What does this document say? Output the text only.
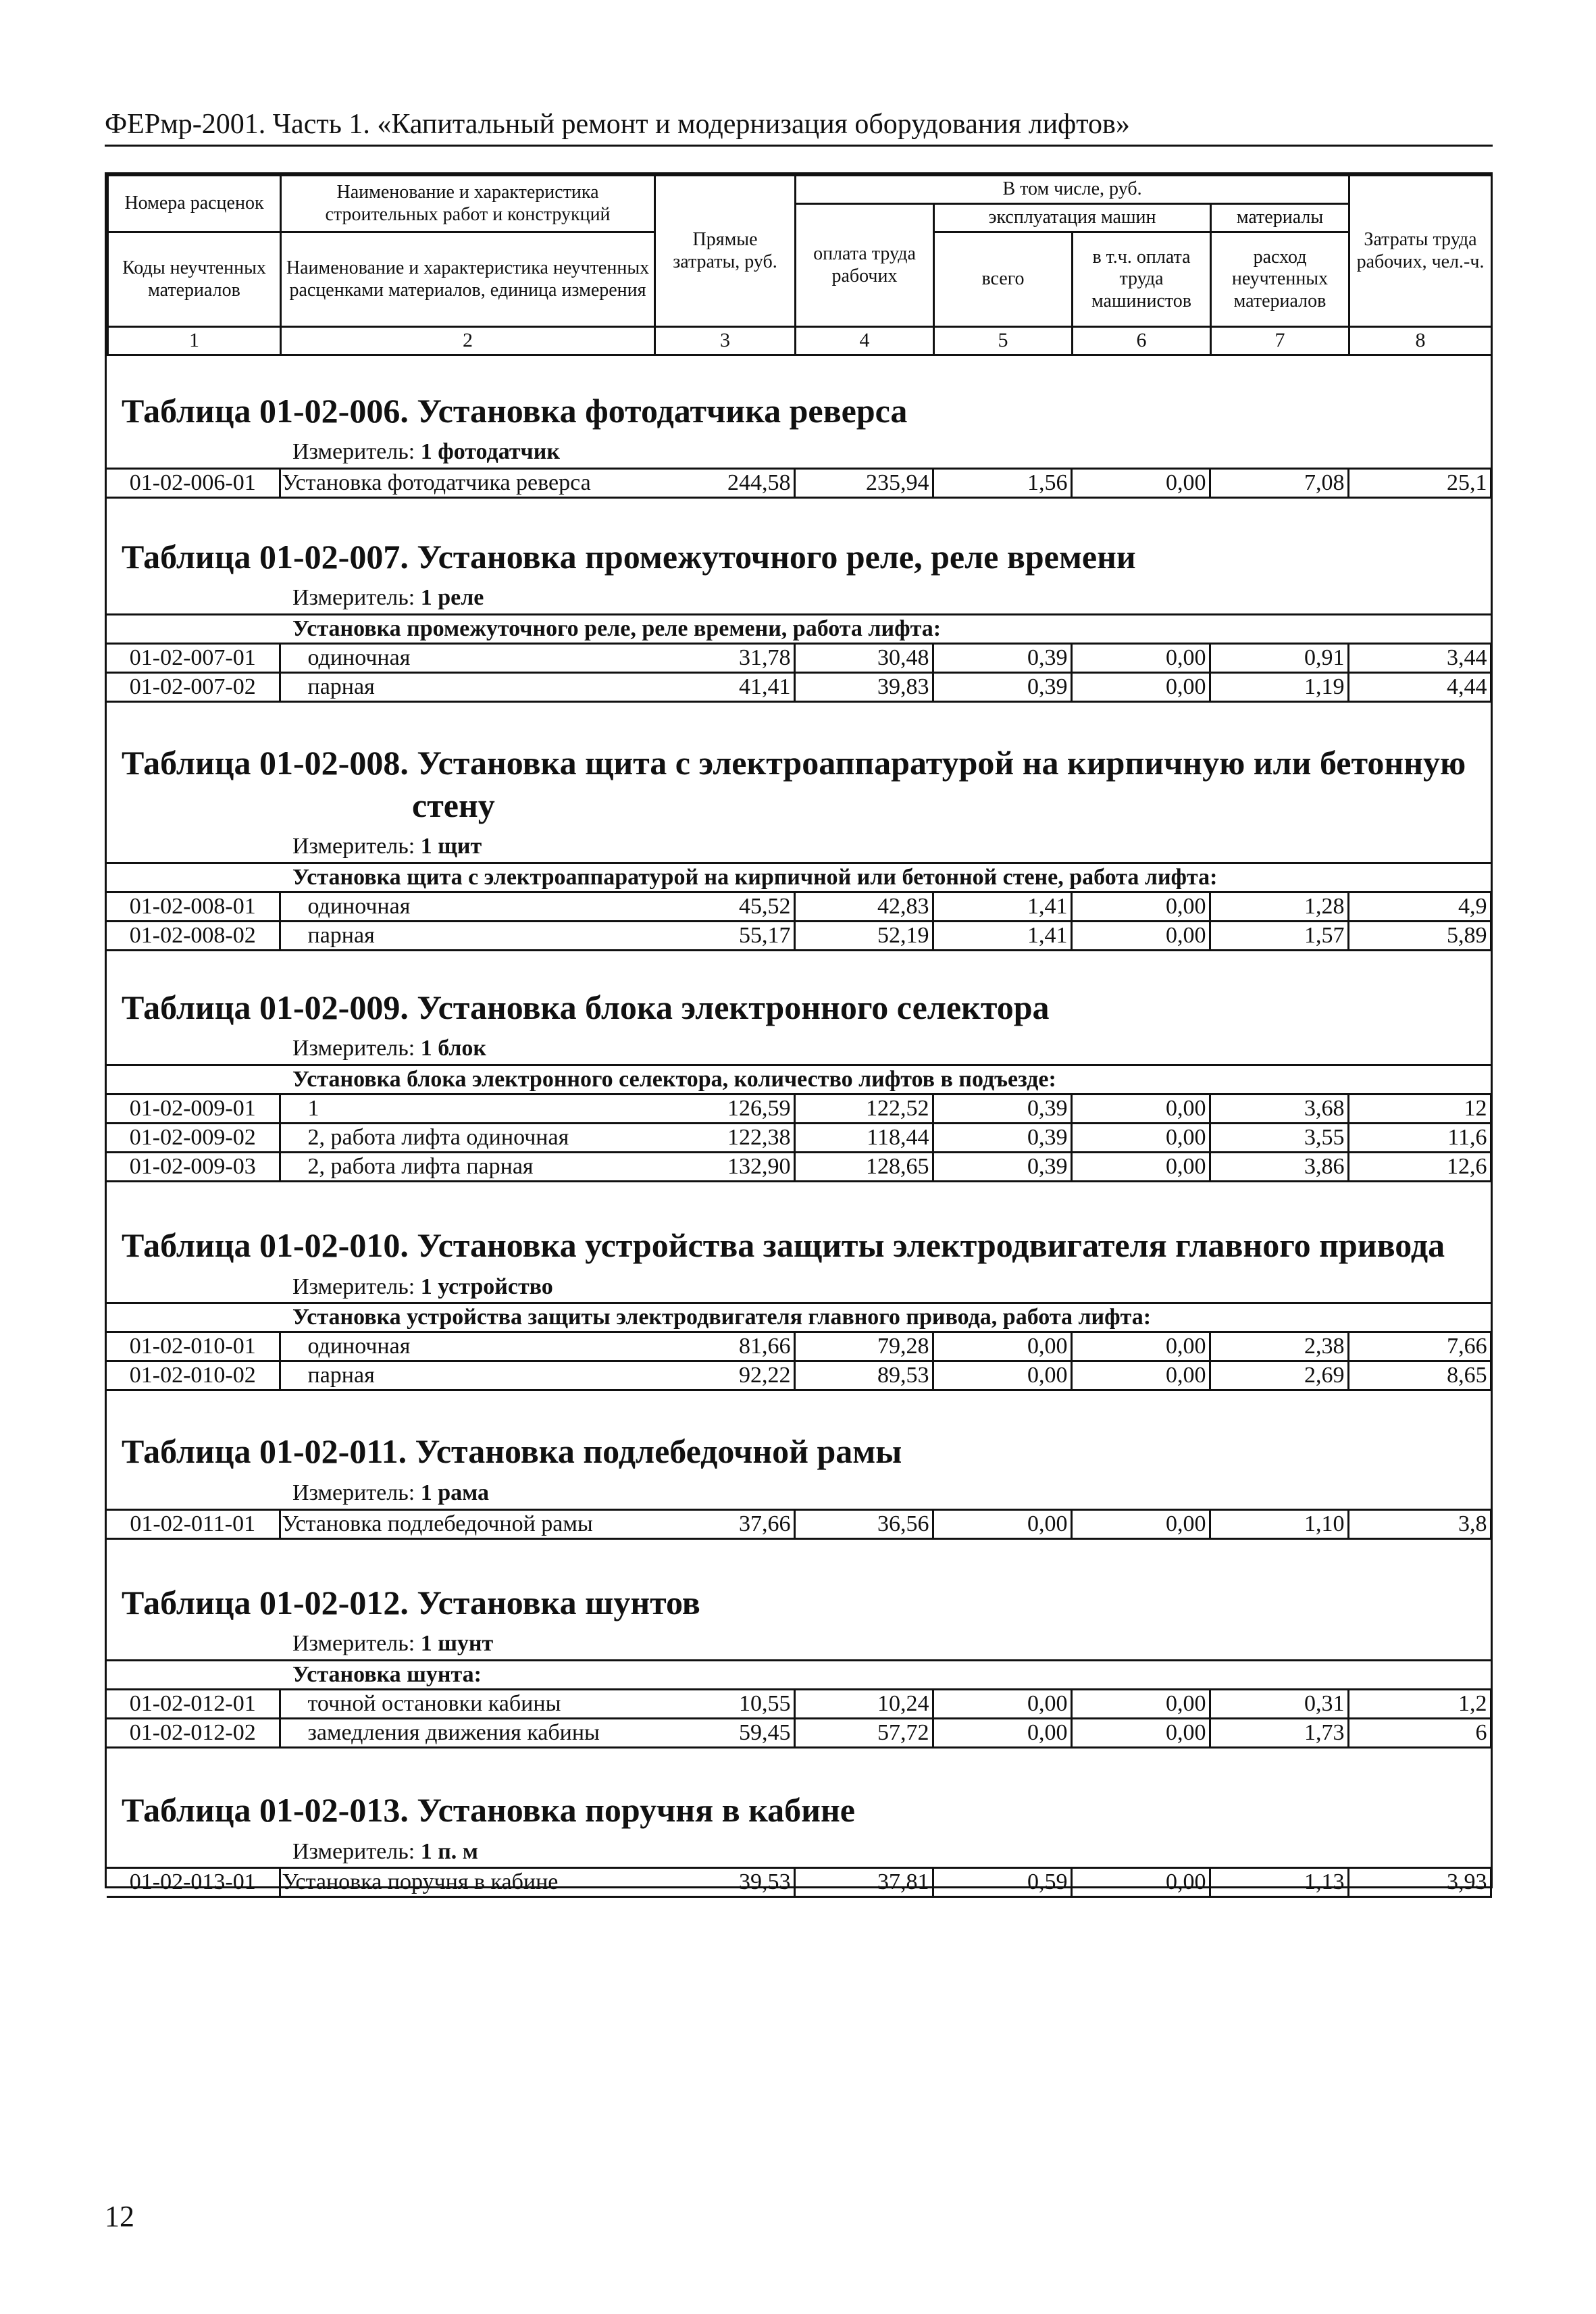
ФЕРмр-2001. Часть 1. «Капитальный ремонт и модернизация оборудования лифтов»
Номера расценок	Наименование и характеристика строительных работ и конструкций	Прямые затраты, руб.	В том числе, руб.				Затраты труда рабочих, чел.-ч.
			оплата труда рабочих	эксплуатация машин		материалы	
Коды неучтенных материалов	Наименование и характеристика неучтенных расценками материалов, единица измерения			всего	в т.ч. оплата труда машинистов	расход неучтенных материалов	

1	2	3	4	5	6	7	8
Таблица 01-02-006. Установка фотодатчика реверса
Измеритель: 1 фотодатчик
01-02-006-01	Установка фотодатчика реверса	244,58	235,94	1,56	0,00	7,08	25,1
Таблица 01-02-007. Установка промежуточного реле, реле времени
Измеритель: 1 реле
Установка промежуточного реле, реле времени, работа лифта:							
01-02-007-01	одиночная	31,78	30,48	0,39	0,00	0,91	3,44
01-02-007-02	парная	41,41	39,83	0,39	0,00	1,19	4,44
Таблица 01-02-008. Установка щита с электроаппаратурой на кирпичную или бетонную
стену
Измеритель: 1 щит
Установка щита с электроаппаратурой на кирпичной или бетонной стене, работа лифта:							
01-02-008-01	одиночная	45,52	42,83	1,41	0,00	1,28	4,9
01-02-008-02	парная	55,17	52,19	1,41	0,00	1,57	5,89
Таблица 01-02-009. Установка блока электронного селектора
Измеритель: 1 блок
Установка блока электронного селектора, количество лифтов в подъезде:							
01-02-009-01	1	126,59	122,52	0,39	0,00	3,68	12
01-02-009-02	2, работа лифта одиночная	122,38	118,44	0,39	0,00	3,55	11,6
01-02-009-03	2, работа лифта парная	132,90	128,65	0,39	0,00	3,86	12,6
Таблица 01-02-010. Установка устройства защиты электродвигателя главного привода
Измеритель: 1 устройство
Установка устройства защиты электродвигателя главного привода, работа лифта:							
01-02-010-01	одиночная	81,66	79,28	0,00	0,00	2,38	7,66
01-02-010-02	парная	92,22	89,53	0,00	0,00	2,69	8,65
Таблица 01-02-011. Установка подлебедочной рамы
Измеритель: 1 рама
01-02-011-01	Установка подлебедочной рамы	37,66	36,56	0,00	0,00	1,10	3,8
Таблица 01-02-012. Установка шунтов
Измеритель: 1 шунт
Установка шунта:							
01-02-012-01	точной остановки кабины	10,55	10,24	0,00	0,00	0,31	1,2
01-02-012-02	замедления движения кабины	59,45	57,72	0,00	0,00	1,73	6
Таблица 01-02-013. Установка поручня в кабине
Измеритель: 1 п. м
01-02-013-01	Установка поручня в кабине	39,53	37,81	0,59	0,00	1,13	3,93
12
